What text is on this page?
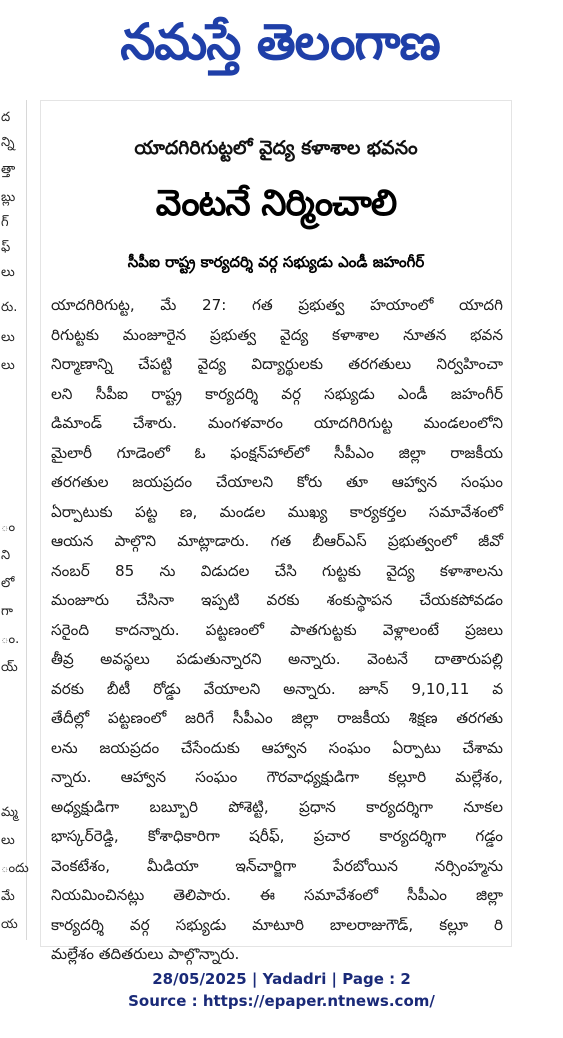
నమస్తే తెలంగాణ
ద
న్ని
త్తా
బ్లు
గ్
ఫ్
లు
రు.
లు
లు
ం
ని
లో
గా
ం.
య్
మ్మ
లు
ందు
మే
య
యాదగిరిగుట్టలో వైద్య కళాశాల భవనం
వెంటనే నిర్మించాలి
సీపీఐ రాష్ట్ర కార్యదర్శి వర్గ సభ్యుడు ఎండీ జహంగీర్
యాదగిరిగుట్ట, మే 27: గత ప్రభుత్వ హయాంలో యాదగి
రిగుట్టకు మంజూరైన ప్రభుత్వ వైద్య కళాశాల నూతన భవన
నిర్మాణాన్ని చేపట్టి వైద్య విద్యార్థులకు తరగతులు నిర్వహించా
లని సీపీఐ రాష్ట్ర కార్యదర్శి వర్గ సభ్యుడు ఎండీ జహంగీర్
డిమాండ్ చేశారు. మంగళవారం యాదగిరిగుట్ట మండలంలోని
మైలారీ గూడెంలో ఓ ఫంక్షన్‌హాల్‌లో సీపీఎం జిల్లా రాజకీయ
తరగతుల జయప్రదం చేయాలని కోరు తూ ఆహ్వాన సంఘం
ఏర్పాటుకు పట్ట ణ, మండల ముఖ్య కార్యకర్తల సమావేశంలో
ఆయన పాల్గొని మాట్లాడారు. గత బీఆర్‌ఎస్ ప్రభుత్వంలో జీవో
నంబర్ 85 ను విడుదల చేసి గుట్టకు వైద్య కళాశాలను
మంజూరు చేసినా ఇప్పటి వరకు శంకుస్థాపన చేయకపోవడం
సరైంది కాదన్నారు. పట్టణంలో పాతగుట్టకు వెళ్లాలంటే ప్రజలు
తీవ్ర అవస్థలు పడుతున్నారని అన్నారు. వెంటనే దాతారుపల్లి
వరకు బీటీ రోడ్డు వేయాలని అన్నారు. జూన్ 9,10,11 వ
తేదీల్లో పట్టణంలో జరిగే సీపీఎం జిల్లా రాజకీయ శిక్షణ తరగతు
లను జయప్రదం చేసేందుకు ఆహ్వాన సంఘం ఏర్పాటు చేశామ
న్నారు. ఆహ్వాన సంఘం గౌరవాధ్యక్షుడిగా కల్లూరి మల్లేశం,
అధ్యక్షుడిగా బబ్బూరి పోశెట్టి, ప్రధాన కార్యదర్శిగా నూకల
భాస్కర్‌రెడ్డి, కోశాధికారిగా షరీఫ్, ప్రచార కార్యదర్శిగా గడ్డం
వెంకటేశం, మీడియా ఇన్‌చార్జిగా పేరబోయిన నర్సింహ్మను
నియమించినట్లు తెలిపారు. ఈ సమావేశంలో సీపీఎం జిల్లా
కార్యదర్శి వర్గ సభ్యుడు మాటూరి బాలరాజుగౌడ్, కల్లూ రి
మల్లేశం తదితరులు పాల్గొన్నారు.
28/05/2025 | Yadadri | Page : 2
Source : https://epaper.ntnews.com/
